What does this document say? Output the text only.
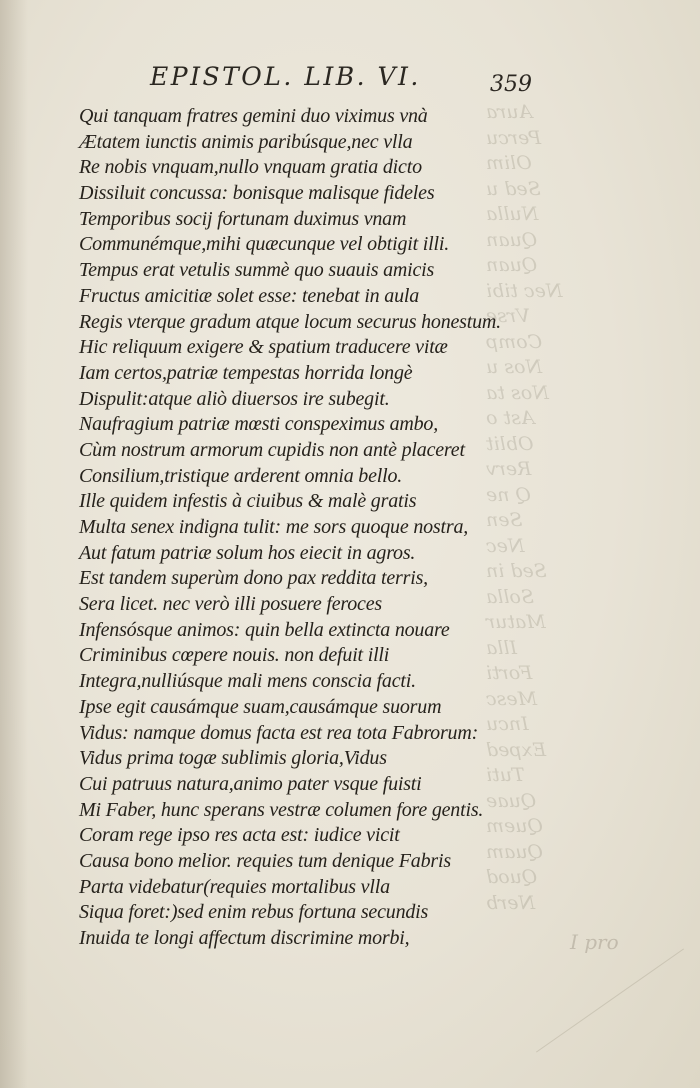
Aura
Percu
Olim
Sed u
Nulla
Quan
Quan
Nec tibi
Vrse
Comp
Nos u
Nos ta
Ast o
Oblit
Rerv
Q ne
Sen
Nec
Sed in
Solla
Matur
Illa
Forti
Mesc
Incu
Exped
Tuti
Quae
Quem
Quam
Quod
Nerb
EPISTOL. LIB. VI.	359
Qui tanquam fratres gemini duo viximus vnà
Ætatem iunctis animis paribúsque,nec vlla
Re nobis vnquam,nullo vnquam gratia dicto
Dissiluit concussa: bonisque malisque fideles
Temporibus socij fortunam duximus vnam
Communémque,mihi quæcunque vel obtigit illi.
Tempus erat vetulis summè quo suauis amicis
Fructus amicitiæ solet esse: tenebat in aula
Regis vterque gradum atque locum securus honestum.
Hic reliquum exigere & spatium traducere vitæ
Iam certos,patriæ tempestas horrida longè
Dispulit:atque aliò diuersos ire subegit.
Naufragium patriæ mœsti conspeximus ambo,
Cùm nostrum armorum cupidis non antè placeret
Consilium,tristique arderent omnia bello.
Ille quidem infestis à ciuibus & malè gratis
Multa senex indigna tulit: me sors quoque nostra,
Aut fatum patriæ solum hos eiecit in agros.
Est tandem superùm dono pax reddita terris,
Sera licet. nec verò illi posuere feroces
Infensósque animos: quin bella extincta nouare
Criminibus cœpere nouis. non defuit illi
Integra,nulliúsque mali mens conscia facti.
Ipse egit causámque suam,causámque suorum
Vidus: namque domus facta est rea tota Fabrorum:
Vidus prima togæ sublimis gloria,Vidus
Cui patruus natura,animo pater vsque fuisti
Mi Faber, hunc sperans vestræ columen fore gentis.
Coram rege ipso res acta est: iudice vicit
Causa bono melior. requies tum denique Fabris
Parta videbatur(requies mortalibus vlla
Siqua foret:)sed enim rebus fortuna secundis
Inuida te longi affectum discrimine morbi,	I pro
